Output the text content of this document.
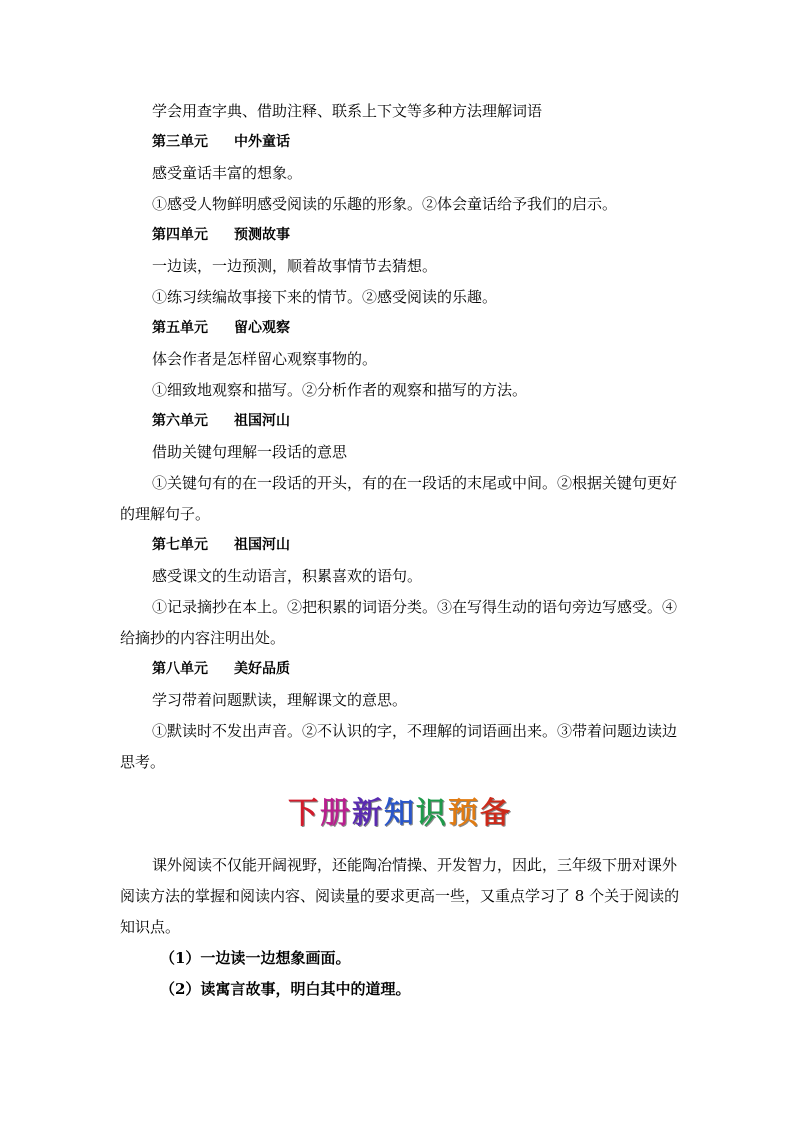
学会用查字典、借助注释、联系上下文等多种方法理解词语

第三单元 中外童话

感受童话丰富的想象。

①感受人物鲜明感受阅读的乐趣的形象。②体会童话给予我们的启示。

第四单元 预测故事

一边读，一边预测，顺着故事情节去猜想。

①练习续编故事接下来的情节。②感受阅读的乐趣。

第五单元 留心观察

体会作者是怎样留心观察事物的。

①细致地观察和描写。②分析作者的观察和描写的方法。

第六单元 祖国河山

借助关键句理解一段话的意思

①关键句有的在一段话的开头，有的在一段话的末尾或中间。②根据关键句更好的理解句子。

第七单元 祖国河山

感受课文的生动语言，积累喜欢的语句。

①记录摘抄在本上。②把积累的词语分类。③在写得生动的语句旁边写感受。④给摘抄的内容注明出处。

第八单元 美好品质

学习带着问题默读，理解课文的意思。

①默读时不发出声音。②不认识的字，不理解的词语画出来。③带着问题边读边思考。

下册新知识预备

课外阅读不仅能开阔视野，还能陶冶情操、开发智力，因此，三年级下册对课外阅读方法的掌握和阅读内容、阅读量的要求更高一些，又重点学习了 8 个关于阅读的知识点。

（1）一边读一边想象画面。

（2）读寓言故事，明白其中的道理。
